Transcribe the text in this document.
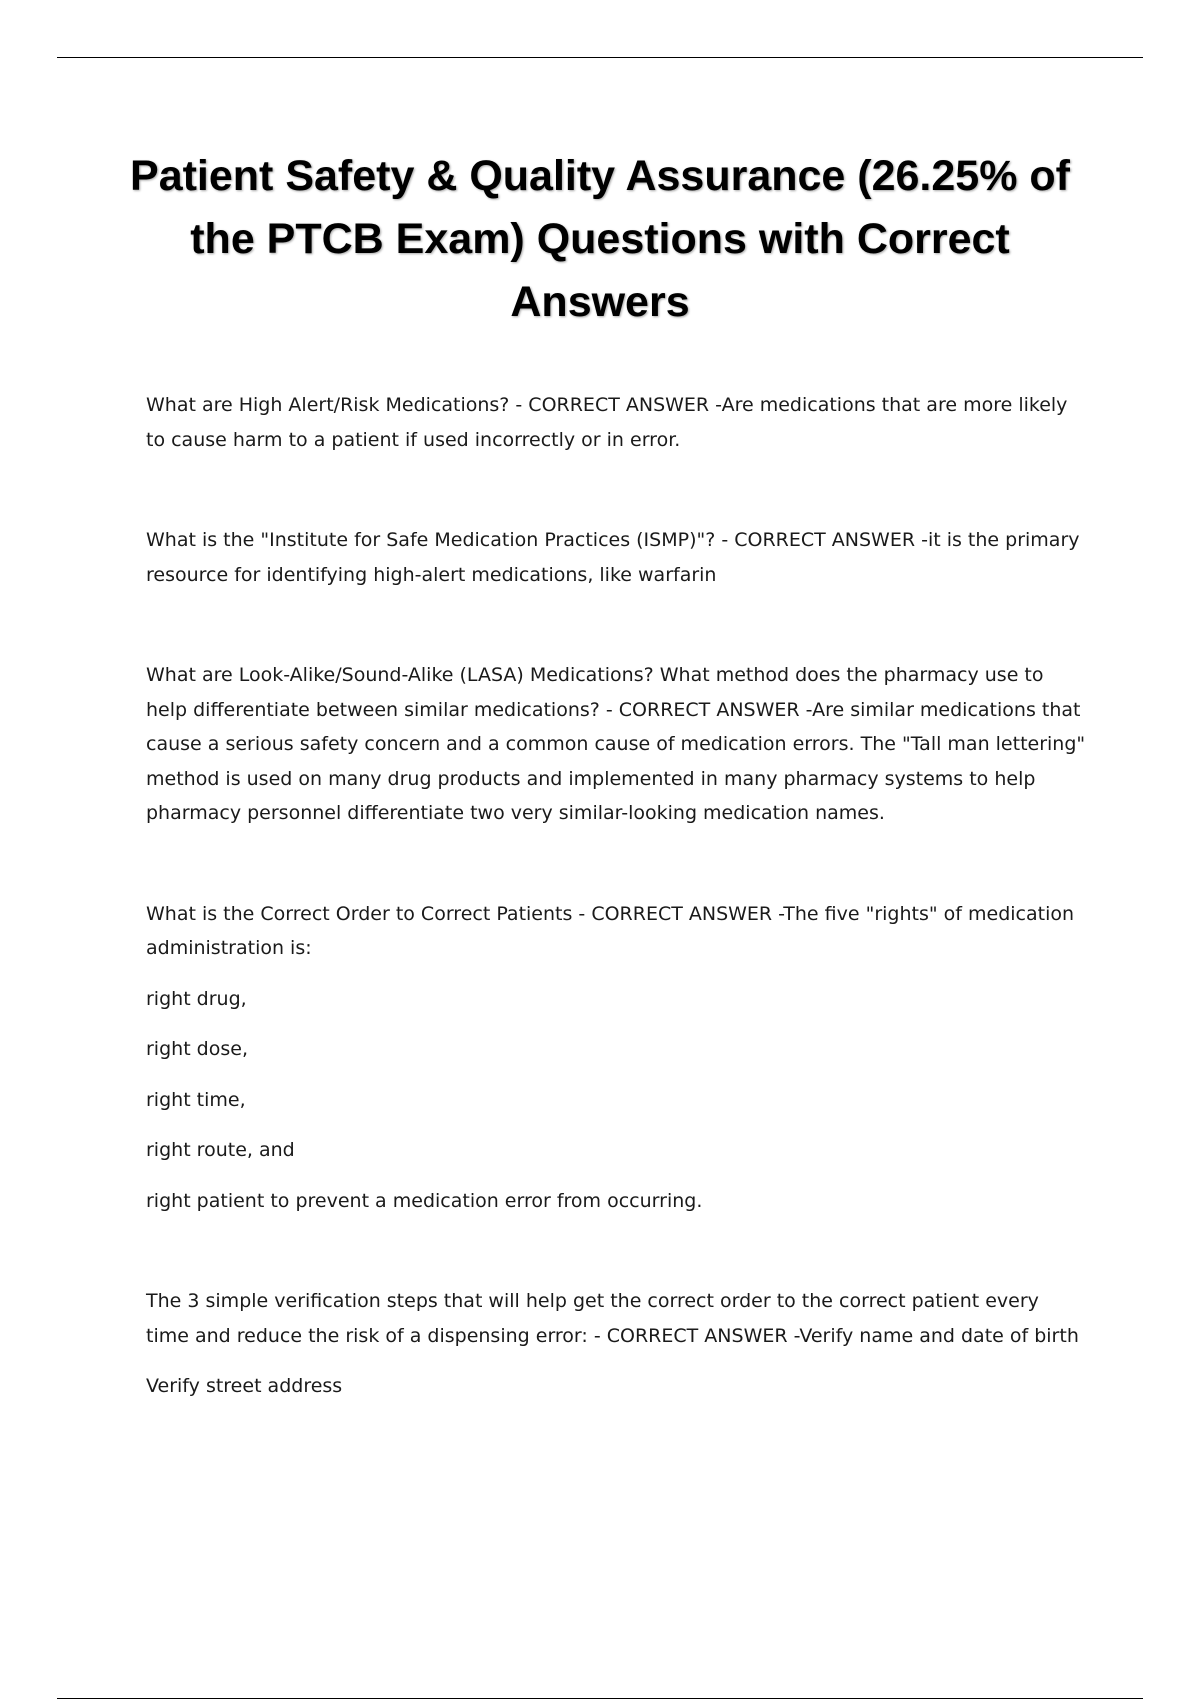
Patient Safety & Quality Assurance (26.25% of the PTCB Exam) Questions with Correct Answers

What are High Alert/Risk Medications? - CORRECT ANSWER -Are medications that are more likely to cause harm to a patient if used incorrectly or in error.

What is the "Institute for Safe Medication Practices (ISMP)"? - CORRECT ANSWER -it is the primary resource for identifying high-alert medications, like warfarin

What are Look-Alike/Sound-Alike (LASA) Medications? What method does the pharmacy use to help differentiate between similar medications? - CORRECT ANSWER -Are similar medications that cause a serious safety concern and a common cause of medication errors. The "Tall man lettering" method is used on many drug products and implemented in many pharmacy systems to help pharmacy personnel differentiate two very similar-looking medication names.

What is the Correct Order to Correct Patients - CORRECT ANSWER -The five "rights" of medication administration is:

right drug,

right dose,

right time,

right route, and

right patient to prevent a medication error from occurring.

The 3 simple verification steps that will help get the correct order to the correct patient every time and reduce the risk of a dispensing error: - CORRECT ANSWER -Verify name and date of birth

Verify street address
